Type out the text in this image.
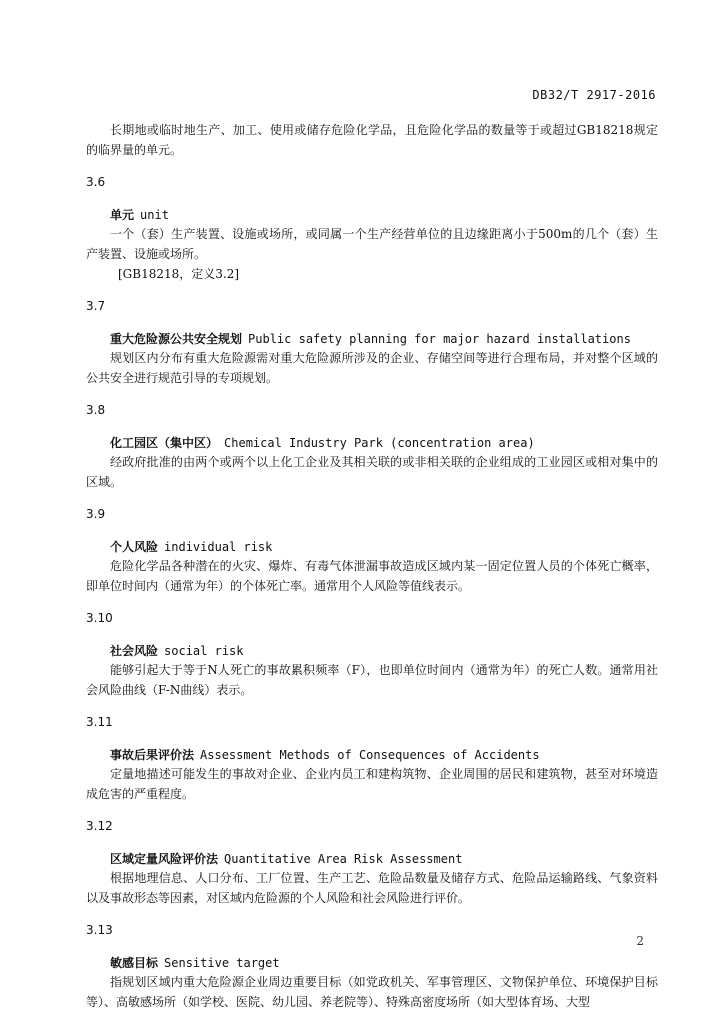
DB32/T 2917-2016

长期地或临时地生产、加工、使用或储存危险化学品，且危险化学品的数量等于或超过GB18218规定的临界量的单元。

3.6

单元 unit

一个（套）生产装置、设施或场所，或同属一个生产经营单位的且边缘距离小于500m的几个（套）生产装置、设施或场所。

[GB18218，定义3.2]

3.7

重大危险源公共安全规划 Public safety planning for major hazard installations

规划区内分布有重大危险源需对重大危险源所涉及的企业、存储空间等进行合理布局，并对整个区域的公共安全进行规范引导的专项规划。

3.8

化工园区（集中区） Chemical Industry Park (concentration area)

经政府批准的由两个或两个以上化工企业及其相关联的或非相关联的企业组成的工业园区或相对集中的区域。

3.9

个人风险 individual risk

危险化学品各种潜在的火灾、爆炸、有毒气体泄漏事故造成区域内某一固定位置人员的个体死亡概率，即单位时间内（通常为年）的个体死亡率。通常用个人风险等值线表示。

3.10

社会风险 social risk

能够引起大于等于N人死亡的事故累积频率（F），也即单位时间内（通常为年）的死亡人数。通常用社会风险曲线（F-N曲线）表示。

3.11

事故后果评价法 Assessment Methods of Consequences of Accidents

定量地描述可能发生的事故对企业、企业内员工和建构筑物、企业周围的居民和建筑物，甚至对环境造成危害的严重程度。

3.12

区域定量风险评价法 Quantitative Area Risk Assessment

根据地理信息、人口分布、工厂位置、生产工艺、危险品数量及储存方式、危险品运输路线、气象资料以及事故形态等因素，对区域内危险源的个人风险和社会风险进行评价。

3.13

敏感目标 Sensitive target

指规划区域内重大危险源企业周边重要目标（如党政机关、军事管理区、文物保护单位、环境保护目标等）、高敏感场所（如学校、医院、幼儿园、养老院等）、特殊高密度场所（如大型体育场、大型

2
